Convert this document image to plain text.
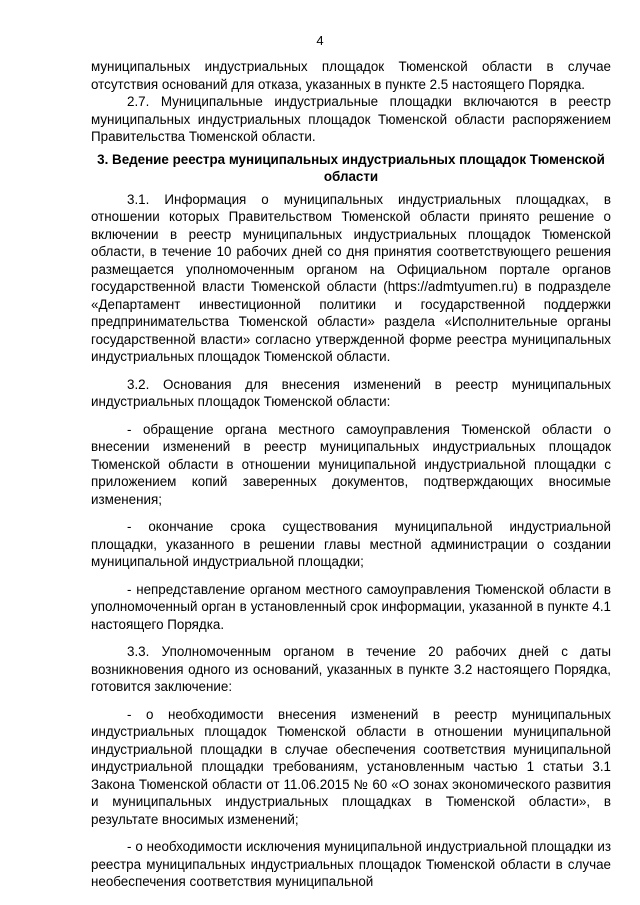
4

муниципальных индустриальных площадок Тюменской области в случае отсутствия оснований для отказа, указанных в пункте 2.5 настоящего Порядка.

2.7. Муниципальные индустриальные площадки включаются в реестр муниципальных индустриальных площадок Тюменской области распоряжением Правительства Тюменской области.

3. Ведение реестра муниципальных индустриальных площадок Тюменской области

3.1. Информация о муниципальных индустриальных площадках, в отношении которых Правительством Тюменской области принято решение о включении в реестр муниципальных индустриальных площадок Тюменской области, в течение 10 рабочих дней со дня принятия соответствующего решения размещается уполномоченным органом на Официальном портале органов государственной власти Тюменской области (https://admtyumen.ru) в подразделе «Департамент инвестиционной политики и государственной поддержки предпринимательства Тюменской области» раздела «Исполнительные органы государственной власти» согласно утвержденной форме реестра муниципальных индустриальных площадок Тюменской области.

3.2. Основания для внесения изменений в реестр муниципальных индустриальных площадок Тюменской области:

- обращение органа местного самоуправления Тюменской области о внесении изменений в реестр муниципальных индустриальных площадок Тюменской области в отношении муниципальной индустриальной площадки с приложением копий заверенных документов, подтверждающих вносимые изменения;

- окончание срока существования муниципальной индустриальной площадки, указанного в решении главы местной администрации о создании муниципальной индустриальной площадки;

- непредставление органом местного самоуправления Тюменской области в уполномоченный орган в установленный срок информации, указанной в пункте 4.1 настоящего Порядка.

3.3. Уполномоченным органом в течение 20 рабочих дней с даты возникновения одного из оснований, указанных в пункте 3.2 настоящего Порядка, готовится заключение:

- о необходимости внесения изменений в реестр муниципальных индустриальных площадок Тюменской области в отношении муниципальной индустриальной площадки в случае обеспечения соответствия муниципальной индустриальной площадки требованиям, установленным частью 1 статьи 3.1 Закона Тюменской области от 11.06.2015 № 60 «О зонах экономического развития и муниципальных индустриальных площадках в Тюменской области», в результате вносимых изменений;

- о необходимости исключения муниципальной индустриальной площадки из реестра муниципальных индустриальных площадок Тюменской области в случае необеспечения соответствия муниципальной
